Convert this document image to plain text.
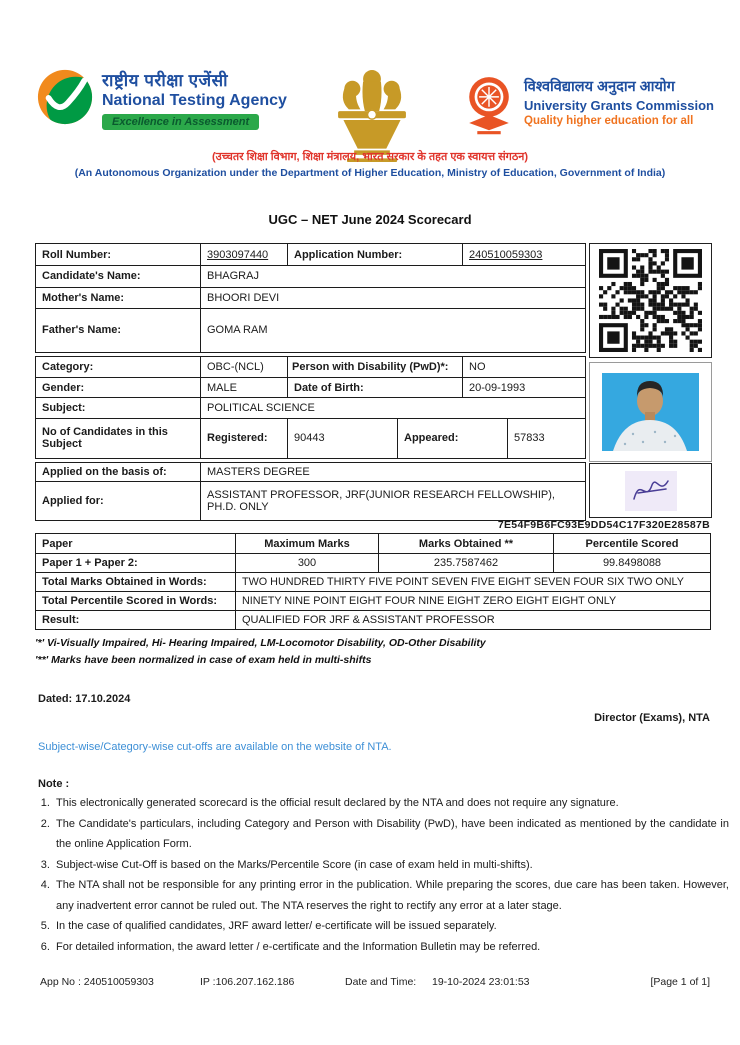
राष्ट्रीय परीक्षा एजेंसी
National Testing Agency
Excellence in Assessment
विश्वविद्यालय अनुदान आयोग
University Grants Commission
Quality higher education for all
(उच्चतर शिक्षा विभाग, शिक्षा मंत्रालय, भारत सरकार के तहत एक स्वायत्त संगठन)
(An Autonomous Organization under the Department of Higher Education, Ministry of Education, Government of India)
UGC – NET June 2024 Scorecard
Roll Number:	3903097440	Application Number:	240510059303
Candidate's Name:	BHAGRAJ
Mother's Name:	BHOORI DEVI
Father's Name:	GOMA RAM
Category:	OBC-(NCL)	Person with Disability (PwD)*:	NO
Gender:	MALE	Date of Birth:	20-09-1993
Subject:	POLITICAL SCIENCE
No of Candidates in this Subject	Registered:	90443	Appeared:	57833
Applied on the basis of:	MASTERS DEGREE
Applied for:	ASSISTANT PROFESSOR, JRF(JUNIOR RESEARCH FELLOWSHIP), PH.D. ONLY
7E54F9B6FC93E9DD54C17F320E28587B
Paper	Maximum Marks	Marks Obtained **	Percentile Scored
Paper 1 + Paper 2:	300	235.7587462	99.8498088
Total Marks Obtained in Words:	TWO HUNDRED THIRTY FIVE POINT SEVEN FIVE EIGHT SEVEN FOUR SIX TWO ONLY
Total Percentile Scored in Words:	NINETY NINE POINT EIGHT FOUR NINE EIGHT ZERO EIGHT EIGHT ONLY
Result:	QUALIFIED FOR JRF & ASSISTANT PROFESSOR
'*' Vi-Visually Impaired, Hi- Hearing Impaired, LM-Locomotor Disability, OD-Other Disability
'**' Marks have been normalized in case of exam held in multi-shifts
Dated: 17.10.2024
Director (Exams), NTA
Subject-wise/Category-wise cut-offs are available on the website of NTA.
Note :
1. This electronically generated scorecard is the official result declared by the NTA and does not require any signature.
2. The Candidate's particulars, including Category and Person with Disability (PwD), have been indicated as mentioned by the candidate in the online Application Form.
3. Subject-wise Cut-Off is based on the Marks/Percentile Score (in case of exam held in multi-shifts).
4. The NTA shall not be responsible for any printing error in the publication. While preparing the scores, due care has been taken. However, any inadvertent error cannot be ruled out. The NTA reserves the right to rectify any error at a later stage.
5. In the case of qualified candidates, JRF award letter/ e-certificate will be issued separately.
6. For detailed information, the award letter / e-certificate and the Information Bulletin may be referred.
App No : 240510059303	IP :106.207.162.186	Date and Time: 19-10-2024 23:01:53	[Page 1 of 1]
